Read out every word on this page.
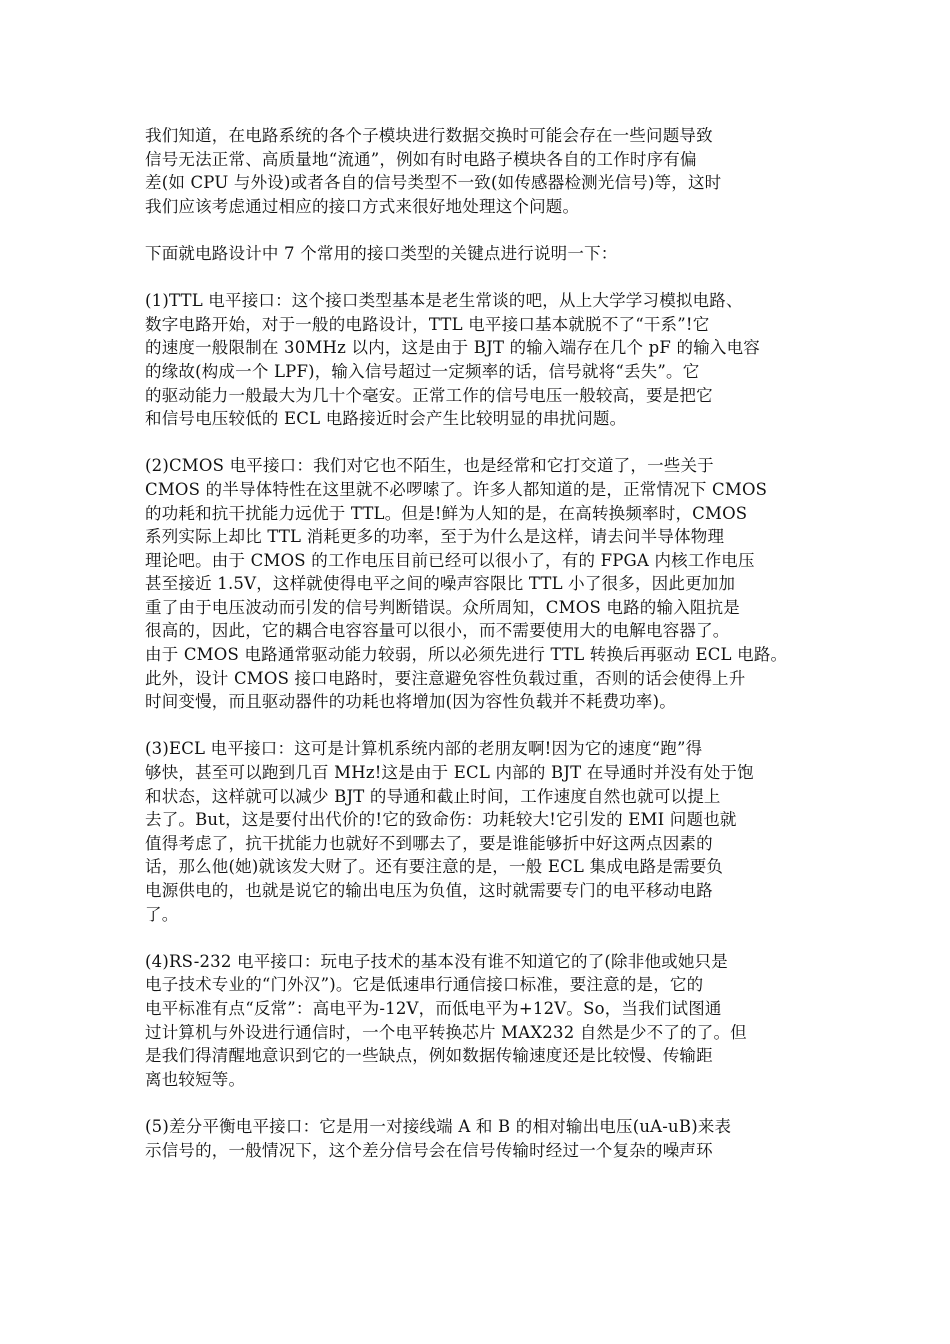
我们知道，在电路系统的各个子模块进行数据交换时可能会存在一些问题导致
信号无法正常、高质量地“流通”，例如有时电路子模块各自的工作时序有偏
差(如 CPU 与外设)或者各自的信号类型不一致(如传感器检测光信号)等，这时
我们应该考虑通过相应的接口方式来很好地处理这个问题。
下面就电路设计中 7 个常用的接口类型的关键点进行说明一下：
(1)TTL 电平接口：这个接口类型基本是老生常谈的吧，从上大学学习模拟电路、
数字电路开始，对于一般的电路设计，TTL 电平接口基本就脱不了“干系”!它
的速度一般限制在 30MHz 以内，这是由于 BJT 的输入端存在几个 pF 的输入电容
的缘故(构成一个 LPF)，输入信号超过一定频率的话，信号就将“丢失”。它
的驱动能力一般最大为几十个毫安。正常工作的信号电压一般较高，要是把它
和信号电压较低的 ECL 电路接近时会产生比较明显的串扰问题。
(2)CMOS 电平接口：我们对它也不陌生，也是经常和它打交道了，一些关于
CMOS 的半导体特性在这里就不必啰嗦了。许多人都知道的是，正常情况下 CMOS
的功耗和抗干扰能力远优于 TTL。但是!鲜为人知的是，在高转换频率时，CMOS
系列实际上却比 TTL 消耗更多的功率，至于为什么是这样，请去问半导体物理
理论吧。由于 CMOS 的工作电压目前已经可以很小了，有的 FPGA 内核工作电压
甚至接近 1.5V，这样就使得电平之间的噪声容限比 TTL 小了很多，因此更加加
重了由于电压波动而引发的信号判断错误。众所周知，CMOS 电路的输入阻抗是
很高的，因此，它的耦合电容容量可以很小，而不需要使用大的电解电容器了。
由于 CMOS 电路通常驱动能力较弱，所以必须先进行 TTL 转换后再驱动 ECL 电路。
此外，设计 CMOS 接口电路时，要注意避免容性负载过重，否则的话会使得上升
时间变慢，而且驱动器件的功耗也将增加(因为容性负载并不耗费功率)。
(3)ECL 电平接口：这可是计算机系统内部的老朋友啊!因为它的速度“跑”得
够快，甚至可以跑到几百 MHz!这是由于 ECL 内部的 BJT 在导通时并没有处于饱
和状态，这样就可以减少 BJT 的导通和截止时间，工作速度自然也就可以提上
去了。But，这是要付出代价的!它的致命伤：功耗较大!它引发的 EMI 问题也就
值得考虑了，抗干扰能力也就好不到哪去了，要是谁能够折中好这两点因素的
话，那么他(她)就该发大财了。还有要注意的是，一般 ECL 集成电路是需要负
电源供电的，也就是说它的输出电压为负值，这时就需要专门的电平移动电路
了。
(4)RS-232 电平接口：玩电子技术的基本没有谁不知道它的了(除非他或她只是
电子技术专业的“门外汉”)。它是低速串行通信接口标准，要注意的是，它的
电平标准有点“反常”：高电平为-12V，而低电平为+12V。So，当我们试图通
过计算机与外设进行通信时，一个电平转换芯片 MAX232 自然是少不了的了。但
是我们得清醒地意识到它的一些缺点，例如数据传输速度还是比较慢、传输距
离也较短等。
(5)差分平衡电平接口：它是用一对接线端 A 和 B 的相对输出电压(uA-uB)来表
示信号的，一般情况下，这个差分信号会在信号传输时经过一个复杂的噪声环
